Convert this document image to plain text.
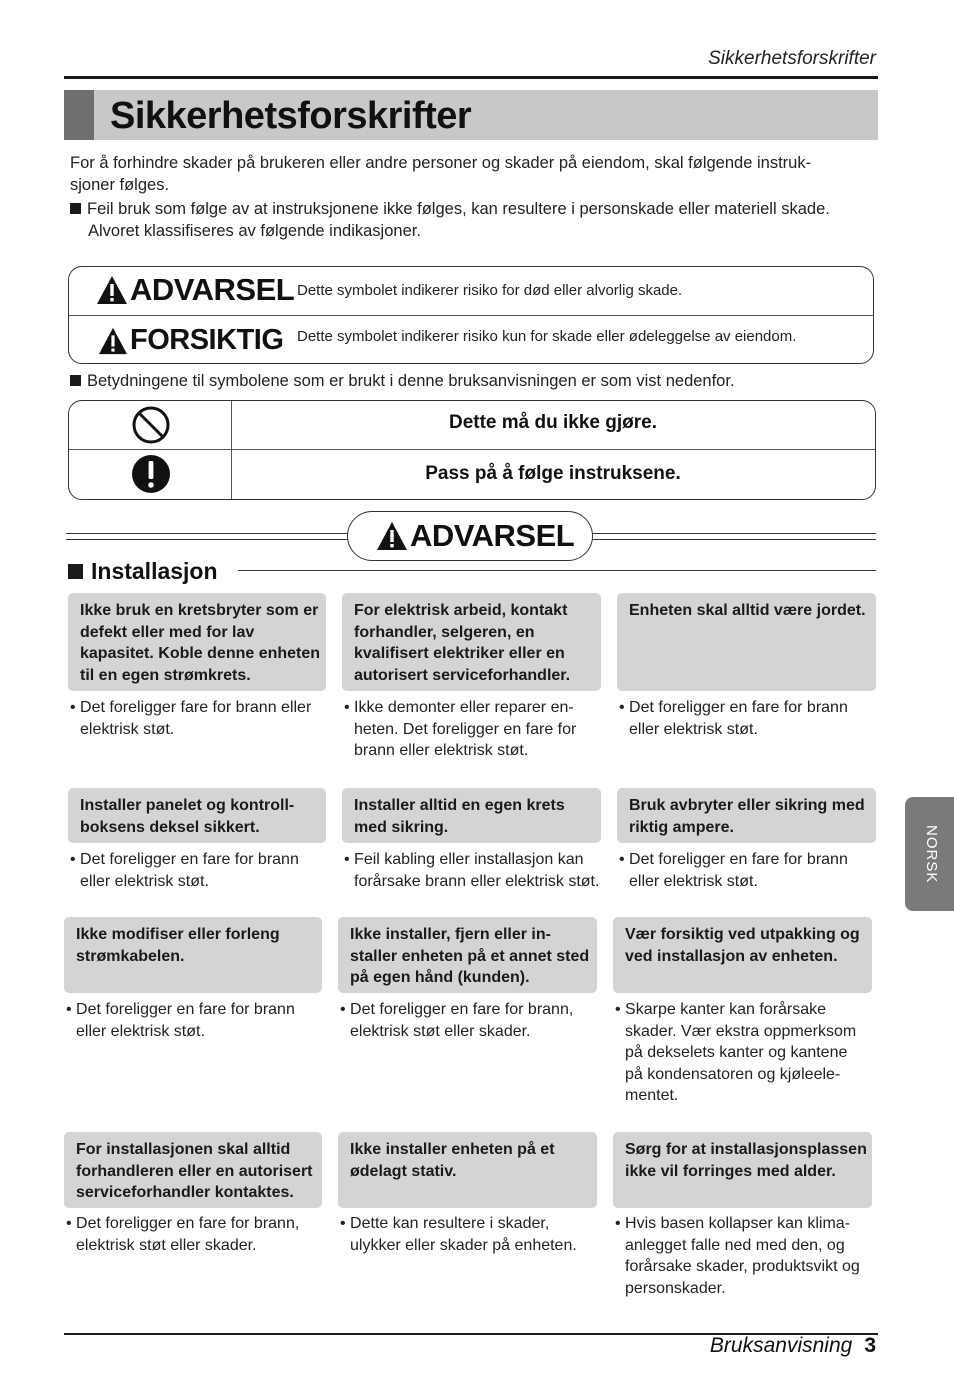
Sikkerhetsforskrifter
Sikkerhetsforskrifter
For å forhindre skader på brukeren eller andre personer og skader på eiendom, skal følgende instruk-
sjoner følges.
Feil bruk som følge av at instruksjonene ikke følges, kan resultere i personskade eller materiell skade.
Alvoret klassifiseres av følgende indikasjoner.
ADVARSEL Dette symbolet indikerer risiko for død eller alvorlig skade.
FORSIKTIG Dette symbolet indikerer risiko kun for skade eller ødeleggelse av eiendom.
Betydningene til symbolene som er brukt i denne bruksanvisningen er som vist nedenfor.
Dette må du ikke gjøre.
Pass på å følge instruksene.
ADVARSEL
Installasjon
Ikke bruk en kretsbryter som er
defekt eller med for lav
kapasitet. Koble denne enheten
til en egen strømkrets.
• Det foreligger fare for brann eller
elektrisk støt.
For elektrisk arbeid, kontakt
forhandler, selgeren, en
kvalifisert elektriker eller en
autorisert serviceforhandler.
• Ikke demonter eller reparer en-
heten. Det foreligger en fare for
brann eller elektrisk støt.
Enheten skal alltid være jordet.
• Det foreligger en fare for brann
eller elektrisk støt.
Installer panelet og kontroll-
boksens deksel sikkert.
• Det foreligger en fare for brann
eller elektrisk støt.
Installer alltid en egen krets
med sikring.
• Feil kabling eller installasjon kan
forårsake brann eller elektrisk støt.
Bruk avbryter eller sikring med
riktig ampere.
• Det foreligger en fare for brann
eller elektrisk støt.
Ikke modifiser eller forleng
strømkabelen.
• Det foreligger en fare for brann
eller elektrisk støt.
Ikke installer, fjern eller in-
staller enheten på et annet sted
på egen hånd (kunden).
• Det foreligger en fare for brann,
elektrisk støt eller skader.
Vær forsiktig ved utpakking og
ved installasjon av enheten.
• Skarpe kanter kan forårsake
skader. Vær ekstra oppmerksom
på dekselets kanter og kantene
på kondensatoren og kjøleele-
mentet.
For installasjonen skal alltid
forhandleren eller en autorisert
serviceforhandler kontaktes.
• Det foreligger en fare for brann,
elektrisk støt eller skader.
Ikke installer enheten på et
ødelagt stativ.
• Dette kan resultere i skader,
ulykker eller skader på enheten.
Sørg for at installasjonsplassen
ikke vil forringes med alder.
• Hvis basen kollapser kan klima-
anlegget falle ned med den, og
forårsake skader, produktsvikt og
personskader.
NORSK
Bruksanvisning 3
